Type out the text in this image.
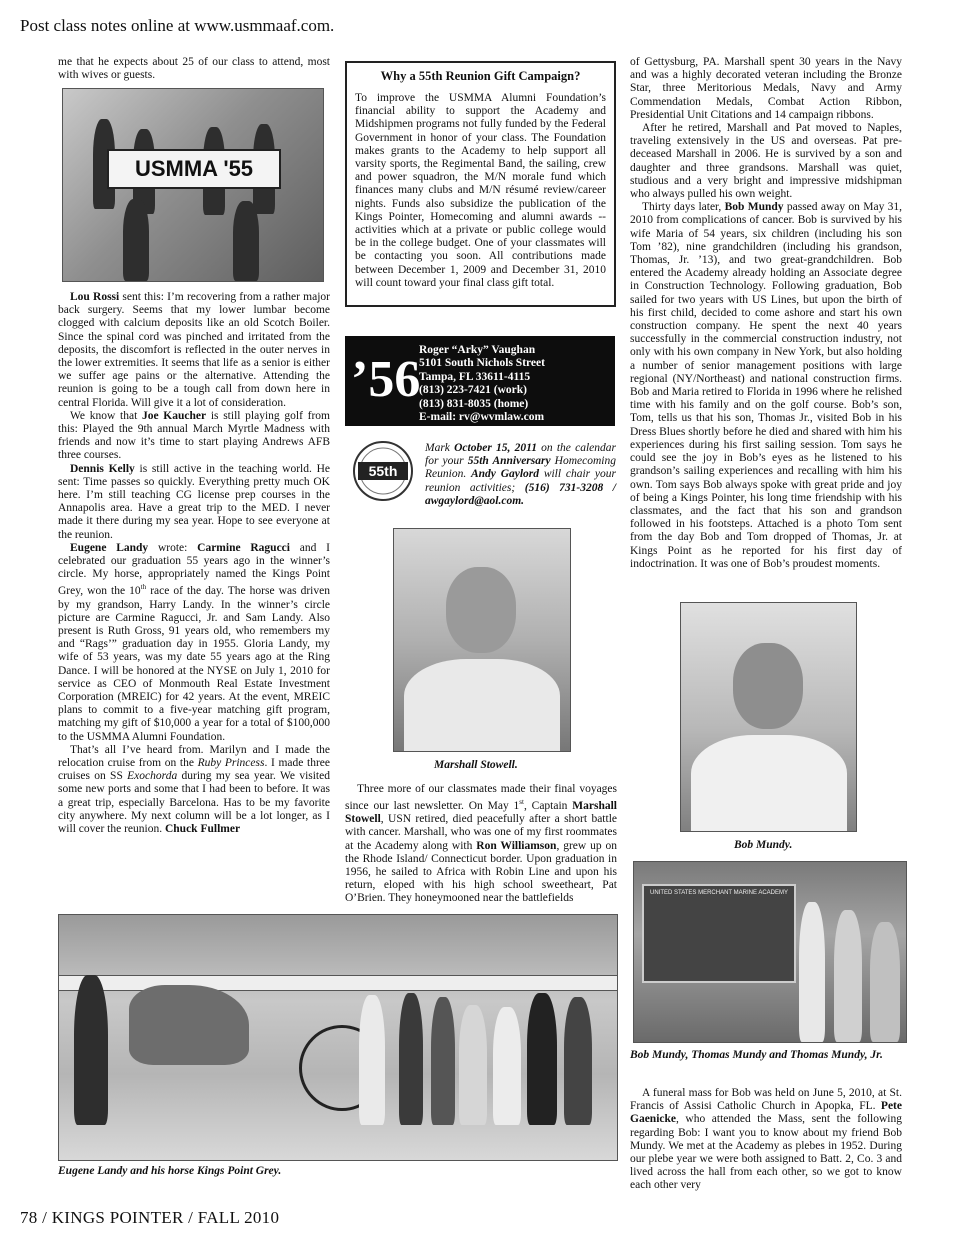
Post class notes online at www.usmmaaf.com.

me that he expects about 25 of our class to attend, most with wives or guests.

USMMA '55

Lou Rossi sent this: I’m recovering from a rather major back surgery. Seems that my lower lumbar become clogged with calcium deposits like an old Scotch Boiler. Since the spinal cord was pinched and irritated from the deposits, the discomfort is reflected in the outer nerves in the lower extremities. It seems that life as a senior is either we suffer age pains or the alternative. Attending the reunion is going to be a tough call from down here in central Florida. Will give it a lot of consideration.

We know that Joe Kaucher is still playing golf from this: Played the 9th annual March Myrtle Madness with friends and now it’s time to start playing Andrews AFB three courses.

Dennis Kelly is still active in the teaching world. He sent: Time passes so quickly. Everything pretty much OK here. I’m still teaching CG license prep courses in the Annapolis area. Have a great trip to the MED. I never made it there during my sea year. Hope to see everyone at the reunion.

Eugene Landy wrote: Carmine Ragucci and I celebrated our graduation 55 years ago in the winner’s circle. My horse, appropriately named the Kings Point Grey, won the 10th race of the day. The horse was driven by my grandson, Harry Landy. In the winner’s circle picture are Carmine Ragucci, Jr. and Sam Landy. Also present is Ruth Gross, 91 years old, who remembers my and “Rags’” graduation day in 1955. Gloria Landy, my wife of 53 years, was my date 55 years ago at the Ring Dance. I will be honored at the NYSE on July 1, 2010 for service as CEO of Monmouth Real Estate Investment Corporation (MREIC) for 42 years. At the event, MREIC plans to commit to a five-year matching gift program, matching my gift of $10,000 a year for a total of $100,000 to the USMMA Alumni Foundation.

That’s all I’ve heard from. Marilyn and I made the relocation cruise from on the Ruby Princess. I made three cruises on SS Exochorda during my sea year. We visited some new ports and some that I had been to before. It was a great trip, especially Barcelona. Has to be my favorite city anywhere. My next column will be a lot longer, as I will cover the reunion. Chuck Fullmer

Why a 55th Reunion Gift Campaign?

To improve the USMMA Alumni Foundation’s financial ability to support the Academy and Midshipmen programs not fully funded by the Federal Government in honor of your class. The Foundation makes grants to the Academy to help support all varsity sports, the Regimental Band, the sailing, crew and power squadron, the M/N morale fund which finances many clubs and M/N résumé review/career nights. Funds also subsidize the publication of the Kings Pointer, Homecoming and alumni awards -- activities which at a private or public college would be in the college budget. One of your classmates will be contacting you soon. All contributions made between December 1, 2009 and December 31, 2010 will count toward your final class gift total.

’56
Roger “Arky” Vaughan
5101 South Nichols Street
Tampa, FL 33611-4115
(813) 223-7421 (work)
(813) 831-8035 (home)
E-mail: rv@wvmlaw.com
55th
Mark October 15, 2011 on the calendar for your 55th Anniversary Homecoming Reunion. Andy Gaylord will chair your reunion activities; (516) 731-3208 / awgaylord@aol.com.
Marshall Stowell.

Three more of our classmates made their final voyages since our last newsletter. On May 1st, Captain Marshall Stowell, USN retired, died peacefully after a short battle with cancer. Marshall, who was one of my first roommates at the Academy along with Ron Williamson, grew up on the Rhode Island/ Connecticut border. Upon graduation in 1956, he sailed to Africa with Robin Line and upon his return, eloped with his high school sweetheart, Pat O’Brien. They honeymooned near the battlefields

of Gettysburg, PA. Marshall spent 30 years in the Navy and was a highly decorated veteran including the Bronze Star, three Meritorious Medals, Navy and Army Commendation Medals, Combat Action Ribbon, Presidential Unit Citations and 14 campaign ribbons.

After he retired, Marshall and Pat moved to Naples, traveling extensively in the US and overseas. Pat pre-deceased Marshall in 2006. He is survived by a son and daughter and three grandsons. Marshall was quiet, studious and a very bright and impressive midshipman who always pulled his own weight.

Thirty days later, Bob Mundy passed away on May 31, 2010 from complications of cancer. Bob is survived by his wife Maria of 54 years, six children (including his son Tom ’82), nine grandchildren (including his grandson, Thomas, Jr. ’13), and two great-grandchildren. Bob entered the Academy already holding an Associate degree in Construction Technology. Following graduation, Bob sailed for two years with US Lines, but upon the birth of his first child, decided to come ashore and start his own construction company. He spent the next 40 years successfully in the commercial construction industry, not only with his own company in New York, but also holding a number of senior management positions with large regional (NY/Northeast) and national construction firms. Bob and Maria retired to Florida in 1996 where he relished time with his family and on the golf course. Bob’s son, Tom, tells us that his son, Thomas Jr., visited Bob in his Dress Blues shortly before he died and shared with him his experiences during his first sailing session. Tom says he could see the joy in Bob’s eyes as he listened to his grandson’s sailing experiences and recalling with him his own. Tom says Bob always spoke with great pride and joy of being a Kings Pointer, his long time friendship with his classmates, and the fact that his son and grandson followed in his footsteps. Attached is a photo Tom sent from the day Bob and Tom dropped of Thomas, Jr. at Kings Point as he reported for his first day of indoctrination. It was one of Bob’s proudest moments.

Bob Mundy.
UNITED STATES MERCHANT MARINE ACADEMY
Bob Mundy, Thomas Mundy and Thomas Mundy, Jr.

A funeral mass for Bob was held on June 5, 2010, at St. Francis of Assisi Catholic Church in Apopka, FL. Pete Gaenicke, who attended the Mass, sent the following regarding Bob: I want you to know about my friend Bob Mundy. We met at the Academy as plebes in 1952. During our plebe year we were both assigned to Batt. 2, Co. 3 and lived across the hall from each other, so we got to know each other very

Eugene Landy and his horse Kings Point Grey.
78 / KINGS POINTER / FALL 2010
